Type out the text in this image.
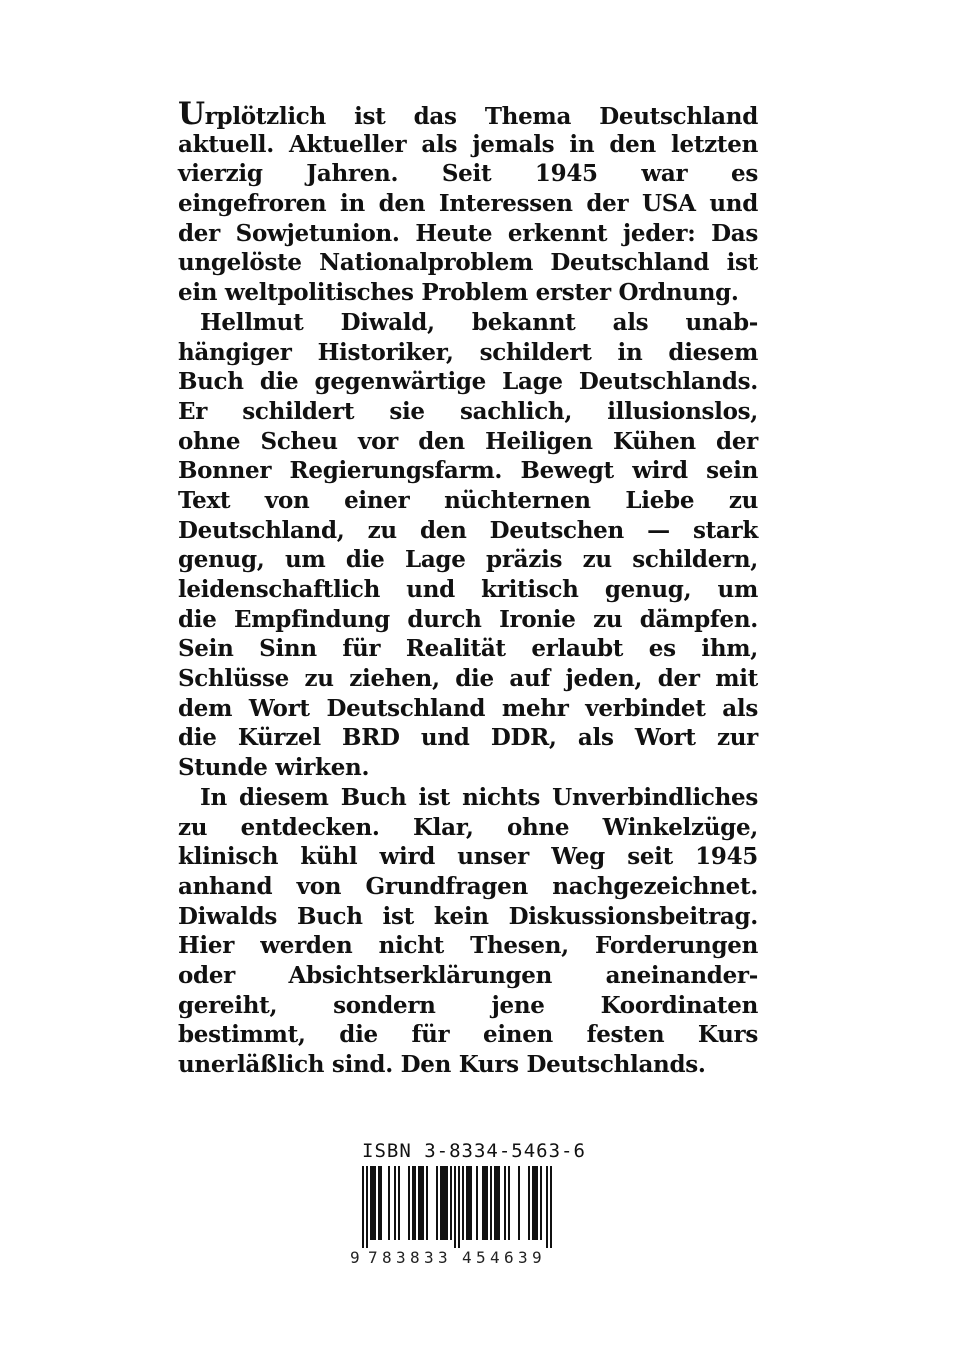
Urplötzlich ist das Thema Deutschland
aktuell. Aktueller als jemals in den letzten
vierzig Jahren. Seit 1945 war es
eingefroren in den Interessen der USA und
der Sowjetunion. Heute erkennt jeder: Das
ungelöste Nationalproblem Deutschland ist
ein weltpolitisches Problem erster Ordnung.
Hellmut Diwald, bekannt als unab-
hängiger Historiker, schildert in diesem
Buch die gegenwärtige Lage Deutschlands.
Er schildert sie sachlich, illusionslos,
ohne Scheu vor den Heiligen Kühen der
Bonner Regierungsfarm. Bewegt wird sein
Text von einer nüchternen Liebe zu
Deutschland, zu den Deutschen — stark
genug, um die Lage präzis zu schildern,
leidenschaftlich und kritisch genug, um
die Empfindung durch Ironie zu dämpfen.
Sein Sinn für Realität erlaubt es ihm,
Schlüsse zu ziehen, die auf jeden, der mit
dem Wort Deutschland mehr verbindet als
die Kürzel BRD und DDR, als Wort zur
Stunde wirken.
In diesem Buch ist nichts Unverbindliches
zu entdecken. Klar, ohne Winkelzüge,
klinisch kühl wird unser Weg seit 1945
anhand von Grundfragen nachgezeichnet.
Diwalds Buch ist kein Diskussionsbeitrag.
Hier werden nicht Thesen, Forderungen
oder Absichtserklärungen aneinander-
gereiht, sondern jene Koordinaten
bestimmt, die für einen festen Kurs
unerläßlich sind. Den Kurs Deutschlands.
ISBN 3-8334-5463-6
9 7 8 3 8 3 3 4 5 4 6 3 9
